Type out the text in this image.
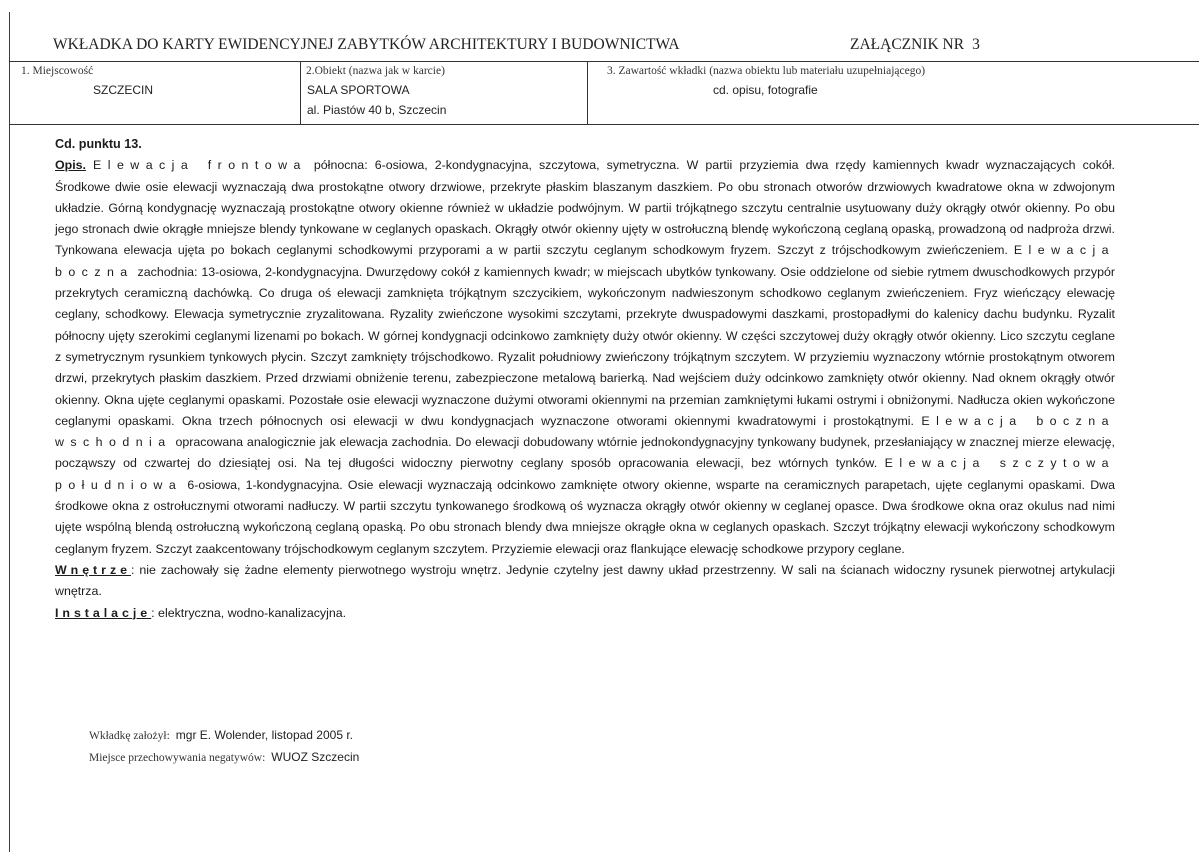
WKŁADKA DO KARTY EWIDENCYJNEJ ZABYTKÓW ARCHITEKTURY I BUDOWNICTWA	ZAŁĄCZNIK NR 3
1. Miejscowość
SZCZECIN
2.Obiekt (nazwa jak w karcie)
SALA SPORTOWA
al. Piastów 40 b, Szczecin
3. Zawartość wkładki (nazwa obiektu lub materiału uzupełniającego)
cd. opisu, fotografie

Cd. punktu 13.

Opis. Elewacja frontowa północna: 6-osiowa, 2-kondygnacyjna, szczytowa, symetryczna. W partii przyziemia dwa rzędy kamiennych kwadr wyznaczających cokół. Środkowe dwie osie elewacji wyznaczają dwa prostokątne otwory drzwiowe, przekryte płaskim blaszanym daszkiem. Po obu stronach otworów drzwiowych kwadratowe okna w zdwojonym układzie. Górną kondygnację wyznaczają prostokątne otwory okienne również w układzie podwójnym. W partii trójkątnego szczytu centralnie usytuowany duży okrągły otwór okienny. Po obu jego stronach dwie okrągłe mniejsze blendy tynkowane w ceglanych opaskach. Okrągły otwór okienny ujęty w ostrołuczną blendę wykończoną ceglaną opaską, prowadzoną od nadproża drzwi. Tynkowana elewacja ujęta po bokach ceglanymi schodkowymi przyporami a w partii szczytu ceglanym schodkowym fryzem. Szczyt z trójschodkowym zwieńczeniem. Elewacja boczna zachodnia: 13-osiowa, 2-kondygnacyjna. Dwurzędowy cokół z kamiennych kwadr; w miejscach ubytków tynkowany. Osie oddzielone od siebie rytmem dwuschodkowych przypór przekrytych ceramiczną dachówką. Co druga oś elewacji zamknięta trójkątnym szczycikiem, wykończonym nadwieszonym schodkowo ceglanym zwieńczeniem. Fryz wieńczący elewację ceglany, schodkowy. Elewacja symetrycznie zryzalitowana. Ryzality zwieńczone wysokimi szczytami, przekryte dwuspadowymi daszkami, prostopadłymi do kalenicy dachu budynku. Ryzalit północny ujęty szerokimi ceglanymi lizenami po bokach. W górnej kondygnacji odcinkowo zamknięty duży otwór okienny. W części szczytowej duży okrągły otwór okienny. Lico szczytu ceglane z symetrycznym rysunkiem tynkowych płycin. Szczyt zamknięty trójschodkowo. Ryzalit południowy zwieńczony trójkątnym szczytem. W przyziemiu wyznaczony wtórnie prostokątnym otworem drzwi, przekrytych płaskim daszkiem. Przed drzwiami obniżenie terenu, zabezpieczone metalową barierką. Nad wejściem duży odcinkowo zamknięty otwór okienny. Nad oknem okrągły otwór okienny. Okna ujęte ceglanymi opaskami. Pozostałe osie elewacji wyznaczone dużymi otworami okiennymi na przemian zamkniętymi łukami ostrymi i obniżonymi. Nadłucza okien wykończone ceglanymi opaskami. Okna trzech północnych osi elewacji w dwu kondygnacjach wyznaczone otworami okiennymi kwadratowymi i prostokątnymi. Elewacja boczna wschodnia opracowana analogicznie jak elewacja zachodnia. Do elewacji dobudowany wtórnie jednokondygnacyjny tynkowany budynek, przesłaniający w znacznej mierze elewację, począwszy od czwartej do dziesiątej osi. Na tej długości widoczny pierwotny ceglany sposób opracowania elewacji, bez wtórnych tynków. Elewacja szczytowa południowa 6-osiowa, 1-kondygnacyjna. Osie elewacji wyznaczają odcinkowo zamknięte otwory okienne, wsparte na ceramicznych parapetach, ujęte ceglanymi opaskami. Dwa środkowe okna z ostrołucznymi otworami nadłuczy. W partii szczytu tynkowanego środkową oś wyznacza okrągły otwór okienny w ceglanej opasce. Dwa środkowe okna oraz okulus nad nimi ujęte wspólną blendą ostrołuczną wykończoną ceglaną opaską. Po obu stronach blendy dwa mniejsze okrągłe okna w ceglanych opaskach. Szczyt trójkątny elewacji wykończony schodkowym ceglanym fryzem. Szczyt zaakcentowany trójschodkowym ceglanym szczytem. Przyziemie elewacji oraz flankujące elewację schodkowe przypory ceglane.

Wnętrze: nie zachowały się żadne elementy pierwotnego wystroju wnętrz. Jedynie czytelny jest dawny układ przestrzenny. W sali na ścianach widoczny rysunek pierwotnej artykulacji wnętrza.

Instalacje: elektryczna, wodno-kanalizacyjna.

Wkładkę założył: mgr E. Wolender, listopad 2005 r.
Miejsce przechowywania negatywów: WUOZ Szczecin
